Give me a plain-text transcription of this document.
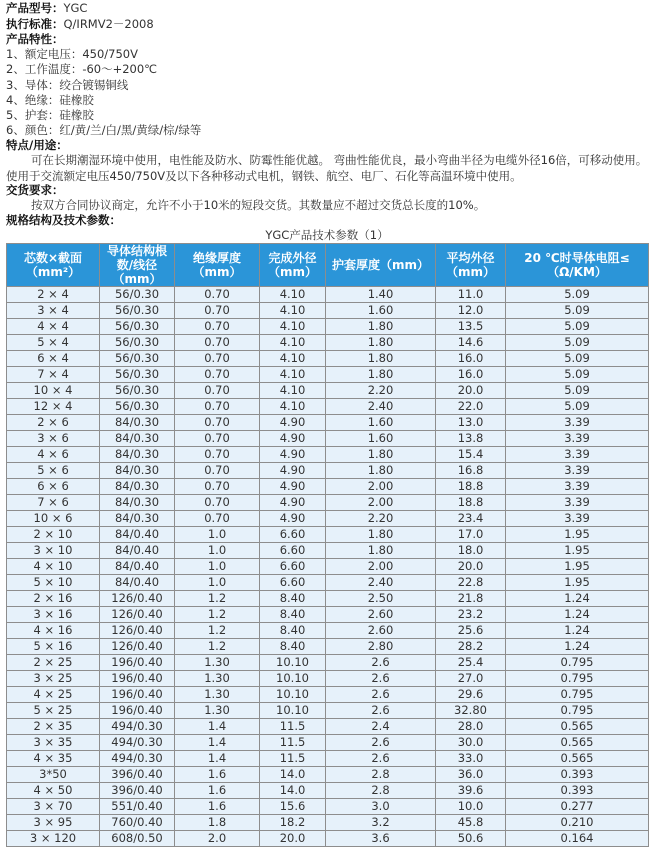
产品型号：YGC
执行标准：Q/IRMV2－2008
产品特性：
1、额定电压：450/750V
2、工作温度：-60～+200℃
3、导体：绞合镀锡铜线
4、绝缘：硅橡胶
5、护套：硅橡胶
6、颜色：红/黄/兰/白/黑/黄绿/棕/绿等
特点/用途：
可在长期潮湿环境中使用，电性能及防水、防霉性能优越。 弯曲性能优良，最小弯曲半径为电缆外径16倍，可移动使用。使用于交流额定电压450/750V及以下各种移动式电机，钢铁、航空、电厂、石化等高温环境中使用。
交货要求：
按双方合同协议商定，允许不小于10米的短段交货。其数量应不超过交货总长度的10%。
规格结构及技术参数：
YGC产品技术参数（1）
芯数×截面（mm²）	导体结构根数/线径（mm）	绝缘厚度（mm）	完成外径（mm）	护套厚度（mm）	平均外径（mm）	20 ℃时导体电阻≤（Ω/KM）
2 × 4	56/0.30	0.70	4.10	1.40	11.0	5.09
3 × 4	56/0.30	0.70	4.10	1.60	12.0	5.09
4 × 4	56/0.30	0.70	4.10	1.80	13.5	5.09
5 × 4	56/0.30	0.70	4.10	1.80	14.6	5.09
6 × 4	56/0.30	0.70	4.10	1.80	16.0	5.09
7 × 4	56/0.30	0.70	4.10	1.80	16.0	5.09
10 × 4	56/0.30	0.70	4.10	2.20	20.0	5.09
12 × 4	56/0.30	0.70	4.10	2.40	22.0	5.09
2 × 6	84/0.30	0.70	4.90	1.60	13.0	3.39
3 × 6	84/0.30	0.70	4.90	1.60	13.8	3.39
4 × 6	84/0.30	0.70	4.90	1.80	15.4	3.39
5 × 6	84/0.30	0.70	4.90	1.80	16.8	3.39
6 × 6	84/0.30	0.70	4.90	2.00	18.8	3.39
7 × 6	84/0.30	0.70	4.90	2.00	18.8	3.39
10 × 6	84/0.30	0.70	4.90	2.20	23.4	3.39
2 × 10	84/0.40	1.0	6.60	1.80	17.0	1.95
3 × 10	84/0.40	1.0	6.60	1.80	18.0	1.95
4 × 10	84/0.40	1.0	6.60	2.00	20.0	1.95
5 × 10	84/0.40	1.0	6.60	2.40	22.8	1.95
2 × 16	126/0.40	1.2	8.40	2.50	21.8	1.24
3 × 16	126/0.40	1.2	8.40	2.60	23.2	1.24
4 × 16	126/0.40	1.2	8.40	2.60	25.6	1.24
5 × 16	126/0.40	1.2	8.40	2.80	28.2	1.24
2 × 25	196/0.40	1.30	10.10	2.6	25.4	0.795
3 × 25	196/0.40	1.30	10.10	2.6	27.0	0.795
4 × 25	196/0.40	1.30	10.10	2.6	29.6	0.795
5 × 25	196/0.40	1.30	10.10	2.6	32.80	0.795
2 × 35	494/0.30	1.4	11.5	2.4	28.0	0.565
3 × 35	494/0.30	1.4	11.5	2.6	30.0	0.565
4 × 35	494/0.30	1.4	11.5	2.6	33.0	0.565
3*50	396/0.40	1.6	14.0	2.8	36.0	0.393
4 × 50	396/0.40	1.6	14.0	2.8	39.6	0.393
3 × 70	551/0.40	1.6	15.6	3.0	10.0	0.277
3 × 95	760/0.40	1.8	18.2	3.2	45.8	0.210
3 × 120	608/0.50	2.0	20.0	3.6	50.6	0.164
